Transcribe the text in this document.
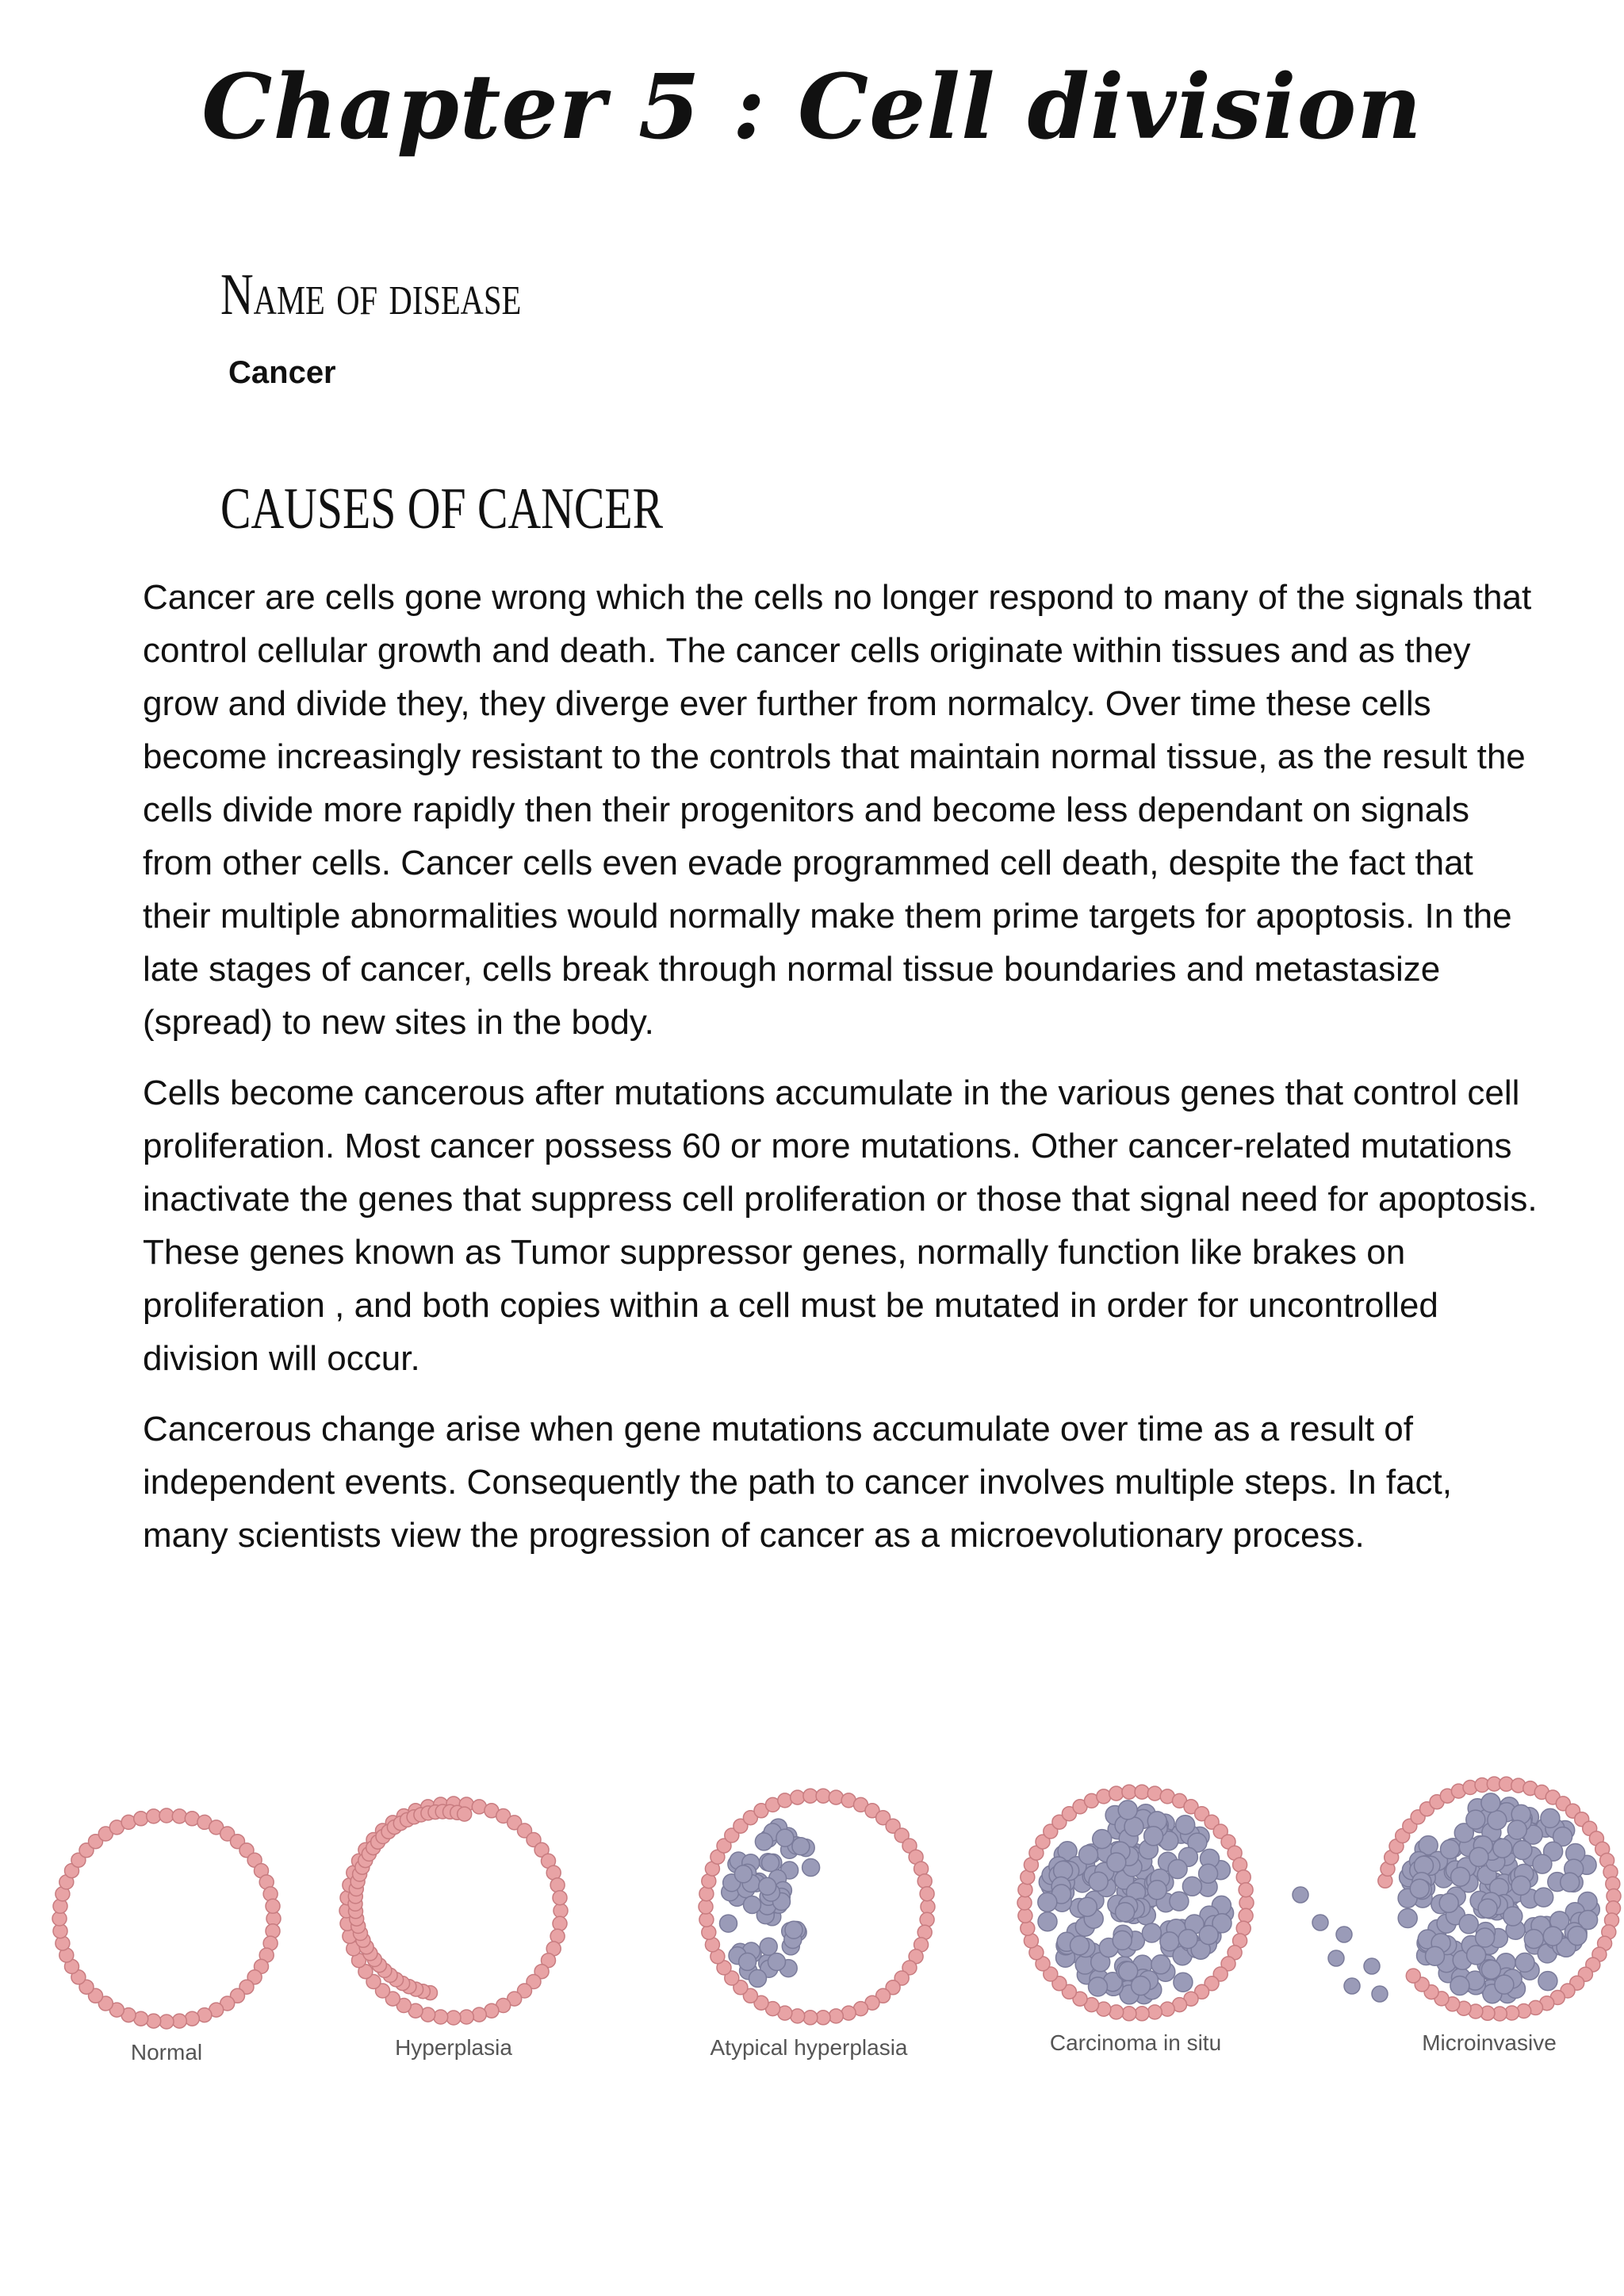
Chapter 5 : Cell division
Name of disease

Cancer

CAUSES OF CANCER

Cancer are cells gone wrong which the cells no longer respond to many of the signals that control cellular growth and death. The cancer cells originate within tissues and as they grow and divide they, they diverge ever further from normalcy. Over time these cells become increasingly resistant to the controls that maintain normal tissue, as the result the cells divide more rapidly then their progenitors and become less dependant on signals from other cells. Cancer cells even evade programmed cell death, despite the fact that their multiple abnormalities would normally make them prime targets for apoptosis. In the late stages of cancer, cells break through normal tissue boundaries and metastasize (spread) to new sites in the body.

Cells become cancerous after mutations accumulate in the various genes that control cell proliferation. Most cancer possess 60 or more mutations. Other cancer-related mutations inactivate the genes that suppress cell proliferation or those that signal need for apoptosis. These genes known as Tumor suppressor genes, normally function like brakes on proliferation , and both copies within a cell must be mutated in order for uncontrolled division will occur.

Cancerous change arise when gene mutations accumulate over time as a result of independent events. Consequently the path to cancer involves multiple steps. In fact, many scientists view the progression of cancer as a microevolutionary process.

Normal	Hyperplasia	Atypical hyperplasia	Carcinoma in situ	Microinvasive
